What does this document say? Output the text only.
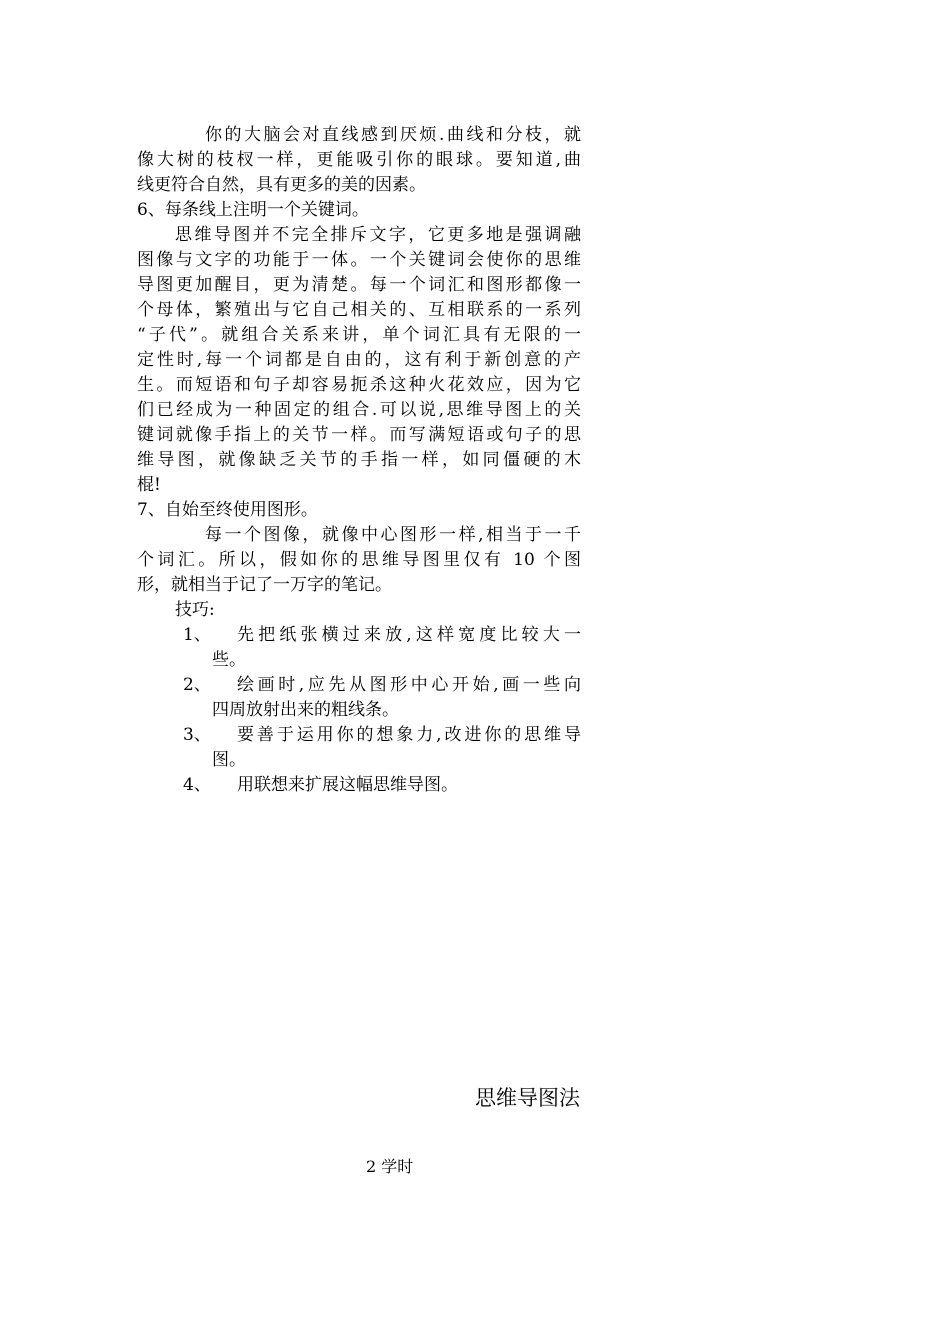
你的大脑会对直线感到厌烦.曲线和分枝，就
像大树的枝杈一样，更能吸引你的眼球。要知道,曲
线更符合自然，具有更多的美的因素。
6、每条线上注明一个关键词。
思维导图并不完全排斥文字，它更多地是强调融
图像与文字的功能于一体。一个关键词会使你的思维
导图更加醒目，更为清楚。每一个词汇和图形都像一
个母体，繁殖出与它自己相关的、互相联系的一系列
“子代”。就组合关系来讲，单个词汇具有无限的一
定性时,每一个词都是自由的，这有利于新创意的产
生。而短语和句子却容易扼杀这种火花效应，因为它
们已经成为一种固定的组合.可以说,思维导图上的关
键词就像手指上的关节一样。而写满短语或句子的思
维导图，就像缺乏关节的手指一样，如同僵硬的木
棍!
7、自始至终使用图形。
每一个图像，就像中心图形一样,相当于一千
个词汇。所以，假如你的思维导图里仅有 10 个图
形，就相当于记了一万字的笔记。
技巧:
1、 先把纸张横过来放,这样宽度比较大一
些。
2、 绘画时,应先从图形中心开始,画一些向
四周放射出来的粗线条。
3、 要善于运用你的想象力,改进你的思维导
图。
4、 用联想来扩展这幅思维导图。
思维导图法
2 学时
